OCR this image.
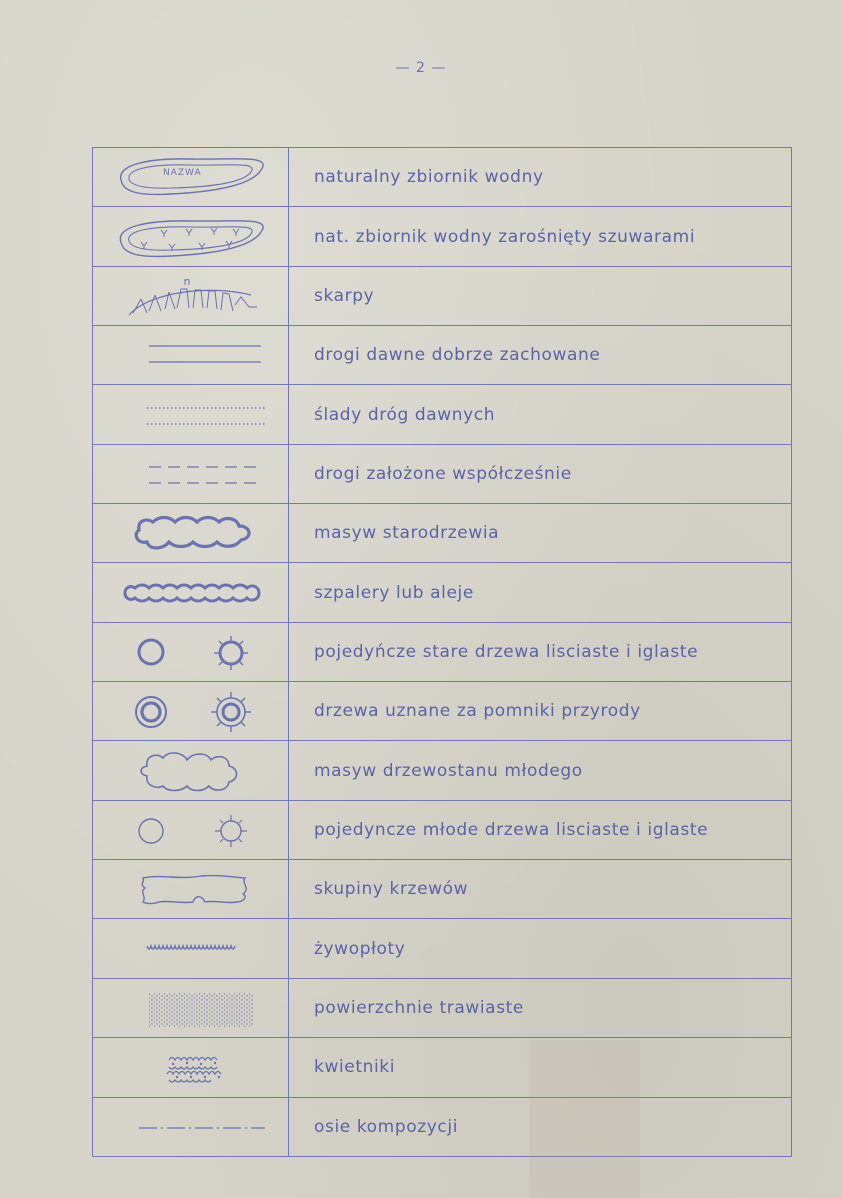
— 2 —
NAZWA	naturalny zbiornik wodny

	nat. zbiornik wodny zarośnięty szuwarami

	skarpy

	drogi dawne dobrze zachowane

	ślady dróg dawnych

	drogi założone współcześnie

	masyw starodrzewia

	szpalery lub aleje

	pojedyńcze stare drzewa lisciaste i iglaste

	drzewa uznane za pomniki przyrody

	masyw drzewostanu młodego

	pojedyncze młode drzewa lisciaste i iglaste

	skupiny krzewów

	żywopłoty

	powierzchnie trawiaste

	kwietniki

	osie kompozycji
